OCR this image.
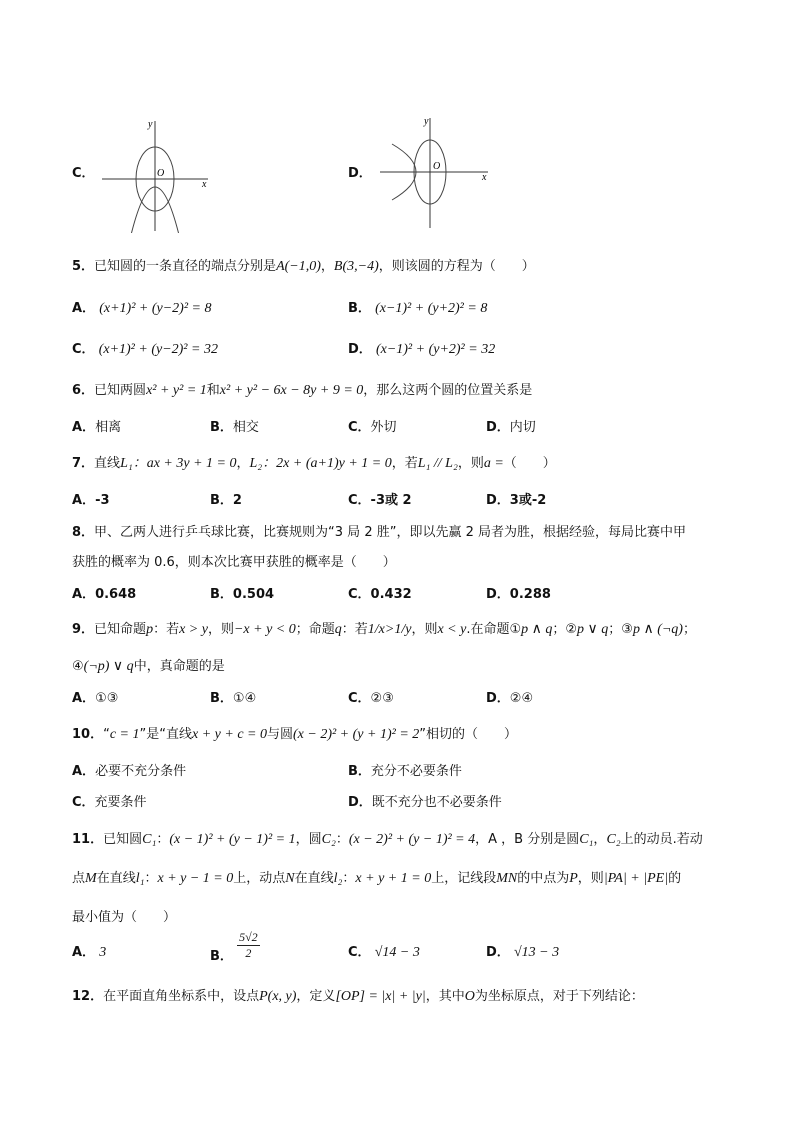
C．
y
x
O	D．
y
x
O
5．已知圆的一条直径的端点分别是A(−1,0)，B(3,−4)，则该圆的方程为（　　）
A． (x+1)² + (y−2)² = 8	B． (x−1)² + (y+2)² = 8
C． (x+1)² + (y−2)² = 32	D． (x−1)² + (y+2)² = 32
6．已知两圆x² + y² = 1和x² + y² − 6x − 8y + 9 = 0，那么这两个圆的位置关系是
A．相离	B．相交	C．外切	D．内切
7．直线L₁：ax + 3y + 1 = 0，L₂：2x + (a+1)y + 1 = 0，若L₁ // L₂，则a =（　　）
A．-3	B．2	C．-3或 2	D．3或-2
8．甲、乙两人进行乒乓球比赛，比赛规则为“3 局 2 胜”，即以先赢 2 局者为胜，根据经验，每局比赛中甲
获胜的概率为 0.6，则本次比赛甲获胜的概率是（　　）
A．0.648	B．0.504	C．0.432	D．0.288
9．已知命题p：若x > y，则−x + y < 0；命题q：若1/x>1/y，则x < y.在命题①p ∧ q；②p ∨ q；③p ∧ (¬q)；
④(¬p) ∨ q中，真命题的是
A．①③	B．①④	C．②③	D．②④
10．“c = 1”是“直线x + y + c = 0与圆(x − 2)² + (y + 1)² = 2”相切的（　　）
A．必要不充分条件	B．充分不必要条件
C．充要条件	D．既不充分也不必要条件
11．已知圆C₁：(x − 1)² + (y − 1)² = 1，圆C₂：(x − 2)² + (y − 1)² = 4，A ，B 分别是圆C₁，C₂上的动员.若动
点M在直线l₁：x + y − 1 = 0上，动点N在直线l₂：x + y + 1 = 0上，记线段MN的中点为P，则|PA| + |PE|的
最小值为（　　）
A． 3	B． $\frac{5√2}{2}$	C． √14 − 3	D． √13 − 3
12．在平面直角坐标系中，设点P(x, y)，定义[OP] = |x| + |y|，其中O为坐标原点，对于下列结论：
